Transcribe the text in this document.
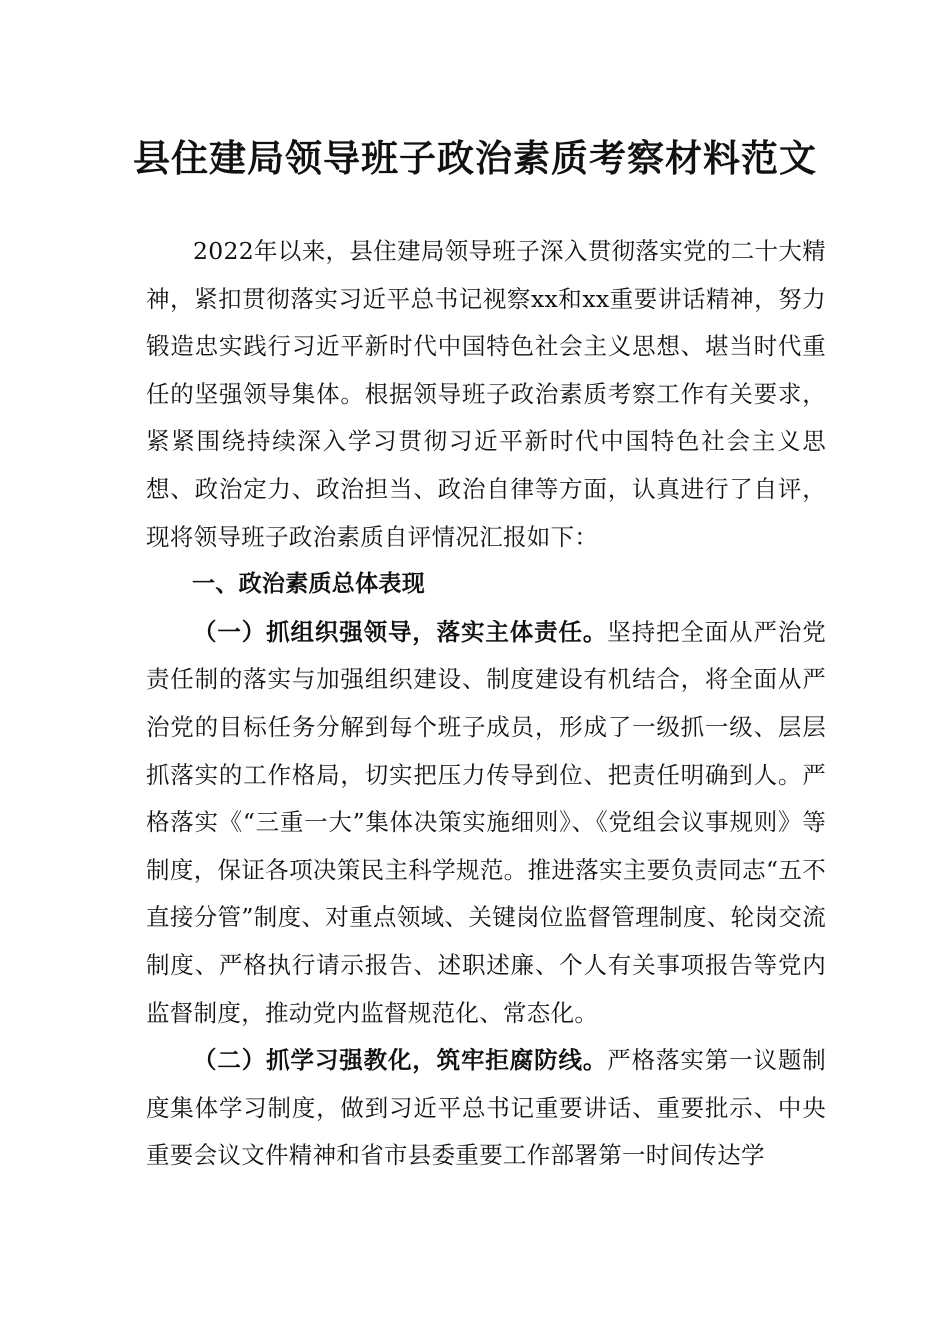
县住建局领导班子政治素质考察材料范文

2022年以来，县住建局领导班子深入贯彻落实党的二十大精神，紧扣贯彻落实习近平总书记视察xx和xx重要讲话精神，努力锻造忠实践行习近平新时代中国特色社会主义思想、堪当时代重任的坚强领导集体。根据领导班子政治素质考察工作有关要求，紧紧围绕持续深入学习贯彻习近平新时代中国特色社会主义思想、政治定力、政治担当、政治自律等方面，认真进行了自评，现将领导班子政治素质自评情况汇报如下：

一、政治素质总体表现

（一）抓组织强领导，落实主体责任。坚持把全面从严治党责任制的落实与加强组织建设、制度建设有机结合，将全面从严治党的目标任务分解到每个班子成员，形成了一级抓一级、层层抓落实的工作格局，切实把压力传导到位、把责任明确到人。严格落实《“三重一大”集体决策实施细则》、《党组会议事规则》等制度，保证各项决策民主科学规范。推进落实主要负责同志“五不直接分管”制度、对重点领域、关键岗位监督管理制度、轮岗交流制度、严格执行请示报告、述职述廉、个人有关事项报告等党内监督制度，推动党内监督规范化、常态化。

（二）抓学习强教化，筑牢拒腐防线。严格落实第一议题制度集体学习制度，做到习近平总书记重要讲话、重要批示、中央重要会议文件精神和省市县委重要工作部署第一时间传达学
